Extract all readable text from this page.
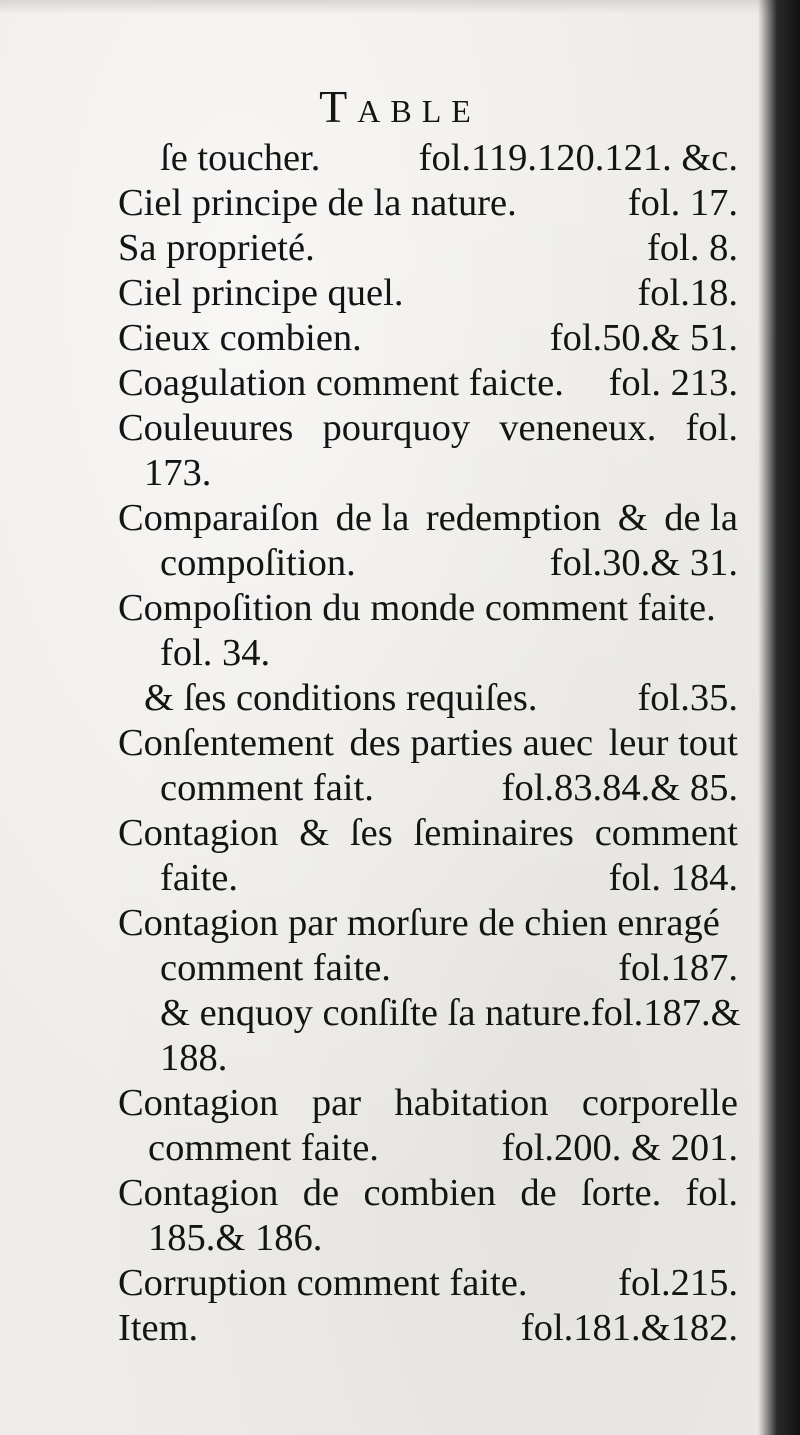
TABLE
ſe toucher.	fol.119.120.121. &c.
Ciel principe de la nature.	fol. 17.
Sa proprieté.	fol. 8.
Ciel principe quel.	fol.18.
Cieux combien.	fol.50.& 51.
Coagulation comment faicte. fol. 213.
Couleuures pourquoy veneneux. fol.
173.
Comparaiſon de la redemption & de la
compoſition.	fol.30.& 31.
Compoſition du monde comment faite.
fol. 34.
& ſes conditions requiſes.	fol.35.
Conſentement des parties auec leur tout
comment fait.	fol.83.84.& 85.
Contagion & ſes ſeminaires comment
faite.	fol. 184.
Contagion par morſure de chien enragé
comment faite.	fol.187.
& enquoy conſiſte ſa nature.fol.187.&
188.
Contagion par habitation corporelle
comment faite.	fol.200. & 201.
Contagion de combien de ſorte. fol.
185.& 186.
Corruption comment faite. fol.215.
Item.	fol.181.&182.
